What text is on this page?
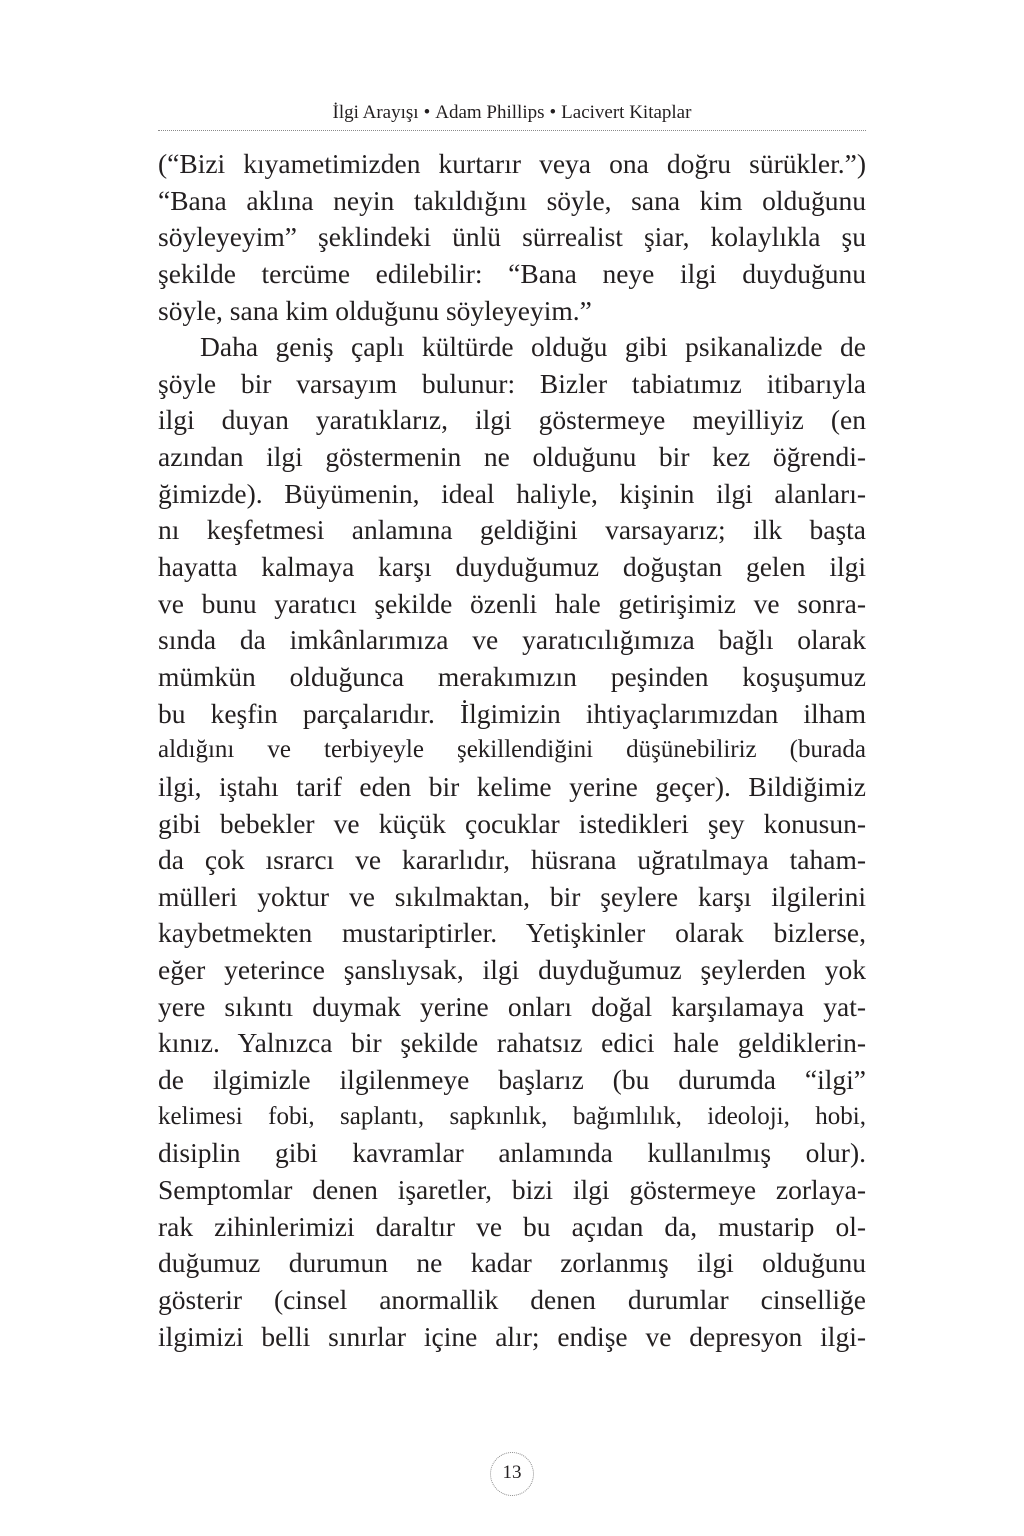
İlgi Arayışı • Adam Phillips • Lacivert Kitaplar
(“Bizi kıyametimizden kurtarır veya ona doğru sürükler.”)
“Bana aklına neyin takıldığını söyle, sana kim olduğunu
söyleyeyim” şeklindeki ünlü sürrealist şiar, kolaylıkla şu
şekilde tercüme edilebilir: “Bana neye ilgi duyduğunu
söyle, sana kim olduğunu söyleyeyim.”
Daha geniş çaplı kültürde olduğu gibi psikanalizde de
şöyle bir varsayım bulunur: Bizler tabiatımız itibarıyla
ilgi duyan yaratıklarız, ilgi göstermeye meyilliyiz (en
azından ilgi göstermenin ne olduğunu bir kez öğrendi-
ğimizde). Büyümenin, ideal haliyle, kişinin ilgi alanları-
nı keşfetmesi anlamına geldiğini varsayarız; ilk başta
hayatta kalmaya karşı duyduğumuz doğuştan gelen ilgi
ve bunu yaratıcı şekilde özenli hale getirişimiz ve sonra-
sında da imkânlarımıza ve yaratıcılığımıza bağlı olarak
mümkün olduğunca merakımızın peşinden koşuşumuz
bu keşfin parçalarıdır. İlgimizin ihtiyaçlarımızdan ilham
aldığını ve terbiyeyle şekillendiğini düşünebiliriz (burada
ilgi, iştahı tarif eden bir kelime yerine geçer). Bildiğimiz
gibi bebekler ve küçük çocuklar istedikleri şey konusun-
da çok ısrarcı ve kararlıdır, hüsrana uğratılmaya taham-
mülleri yoktur ve sıkılmaktan, bir şeylere karşı ilgilerini
kaybetmekten mustariptirler. Yetişkinler olarak bizlerse,
eğer yeterince şanslıysak, ilgi duyduğumuz şeylerden yok
yere sıkıntı duymak yerine onları doğal karşılamaya yat-
kınız. Yalnızca bir şekilde rahatsız edici hale geldiklerin-
de ilgimizle ilgilenmeye başlarız (bu durumda “ilgi”
kelimesi fobi, saplantı, sapkınlık, bağımlılık, ideoloji, hobi,
disiplin gibi kavramlar anlamında kullanılmış olur).
Semptomlar denen işaretler, bizi ilgi göstermeye zorlaya-
rak zihinlerimizi daraltır ve bu açıdan da, mustarip ol-
duğumuz durumun ne kadar zorlanmış ilgi olduğunu
gösterir (cinsel anormallik denen durumlar cinselliğe
ilgimizi belli sınırlar içine alır; endişe ve depresyon ilgi-
13
